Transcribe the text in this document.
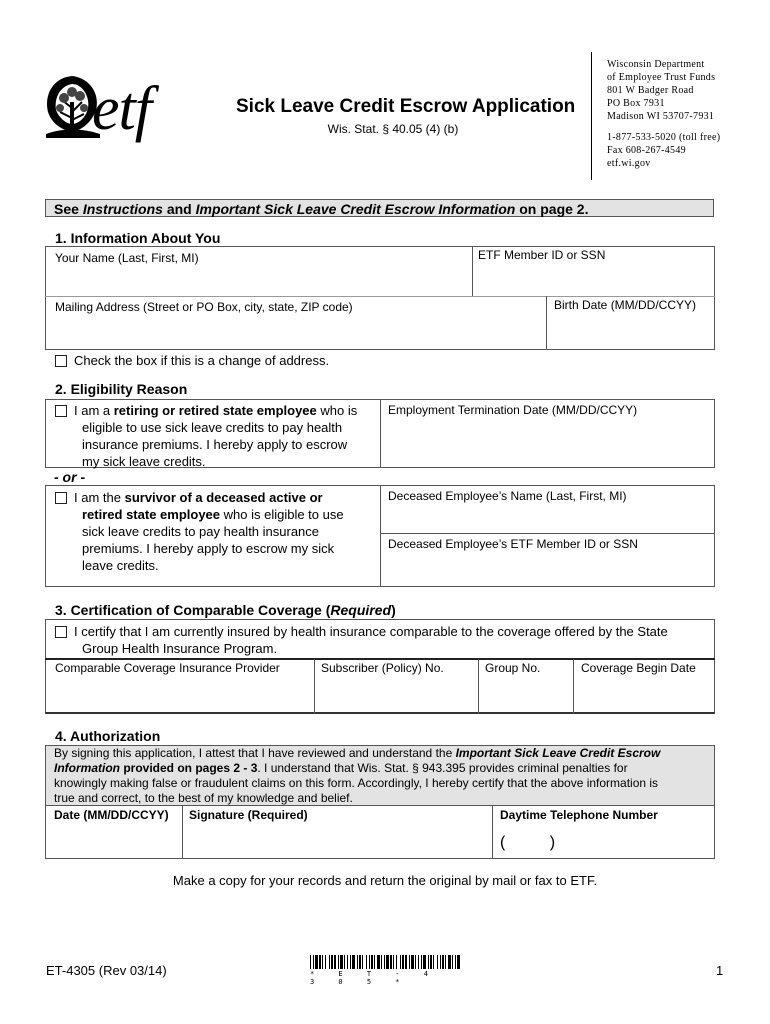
etf	Sick Leave Credit Escrow Application
Wis. Stat. § 40.05 (4) (b)
Wisconsin Department
of Employee Trust Funds
801 W Badger Road
PO Box 7931
Madison WI 53707-7931
1-877-533-5020 (toll free)
Fax 608-267-4549
etf.wi.gov
See Instructions and Important Sick Leave Credit Escrow Information on page 2.
1. Information About You
Your Name (Last, First, MI)	ETF Member ID or SSN
Mailing Address (Street or PO Box, city, state, ZIP code)	Birth Date (MM/DD/CCYY)
Check the box if this is a change of address.
2. Eligibility Reason
I am a retiring or retired state employee who is
eligible to use sick leave credits to pay health
insurance premiums. I hereby apply to escrow
my sick leave credits.
Employment Termination Date (MM/DD/CCYY)
- or -
I am the survivor of a deceased active or
retired state employee who is eligible to use
sick leave credits to pay health insurance
premiums. I hereby apply to escrow my sick
leave credits.
Deceased Employee’s Name (Last, First, MI)
Deceased Employee’s ETF Member ID or SSN
3. Certification of Comparable Coverage (Required)
I certify that I am currently insured by health insurance comparable to the coverage offered by the State
Group Health Insurance Program.
Comparable Coverage Insurance Provider	Subscriber (Policy) No.	Group No.	Coverage Begin Date
4. Authorization
By signing this application, I attest that I have reviewed and understand the Important Sick Leave Credit Escrow
Information provided on pages 2 - 3. I understand that Wis. Stat. § 943.395 provides criminal penalties for
knowingly making false or fraudulent claims on this form. Accordingly, I hereby certify that the above information is
true and correct, to the best of my knowledge and belief.
Date (MM/DD/CCYY) Signature (Required)	Daytime Telephone Number
(          )
Make a copy for your records and return the original by mail or fax to ETF.
ET-4305 (Rev 03/14)	* E T - 4 3 0 5 *
1
